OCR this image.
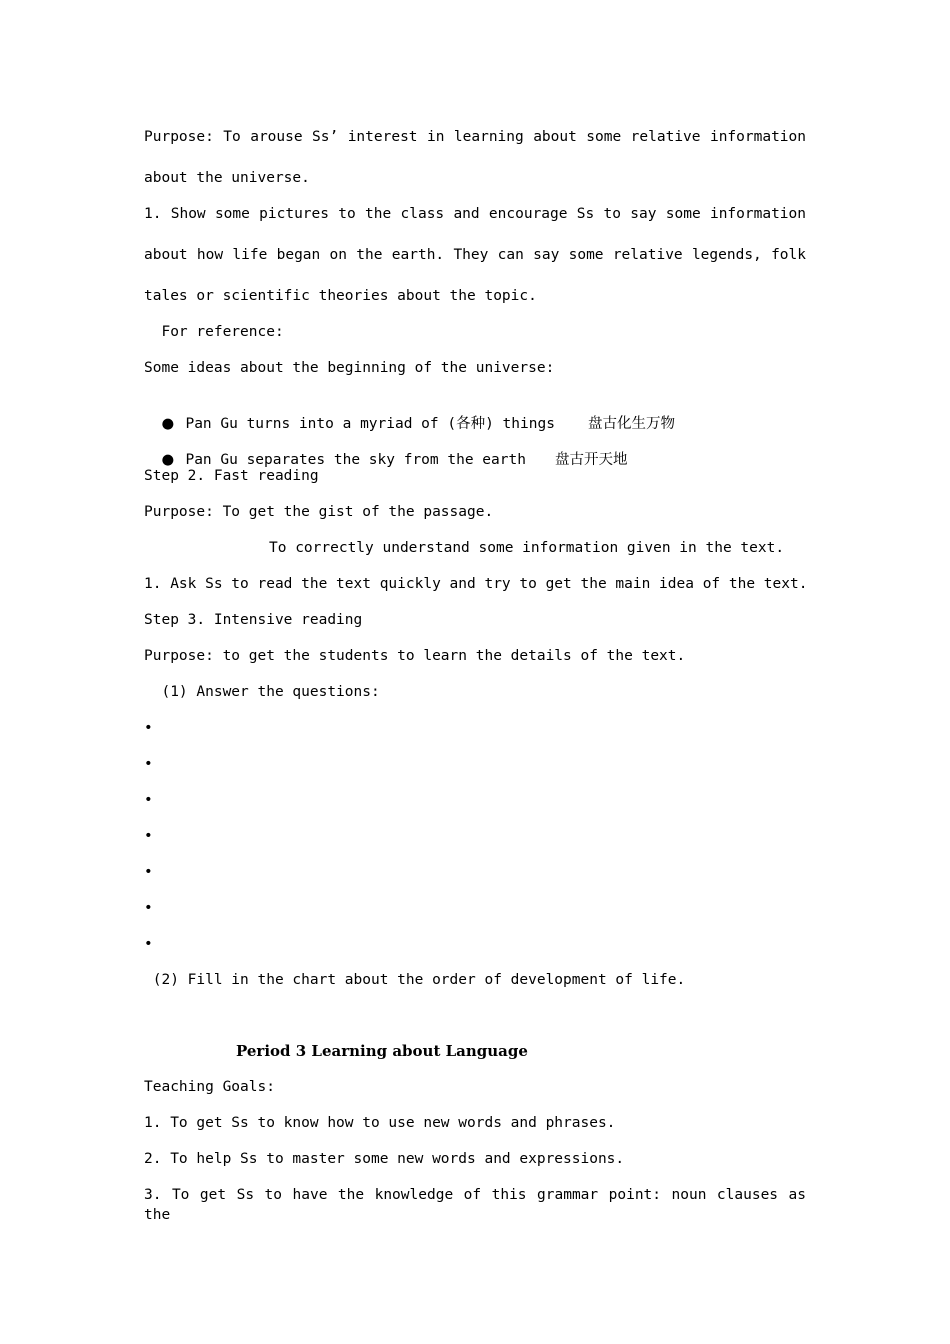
Purpose: To arouse Ss’ interest in learning about some relative information
about the universe.
1. Show some pictures to the class and encourage Ss to say some information
about how life began on the earth. They can say some relative legends, folk
tales or scientific theories about the topic.
For reference:
Some ideas about the beginning of the universe:

● Pan Gu turns into a myriad of (各种) things 盘古化生万物

● Pan Gu separates the sky from the earth 盘古开天地

Step 2. Fast reading
Purpose: To get the gist of the passage.
To correctly understand some information given in the text.
1. Ask Ss to read the text quickly and try to get the main idea of the text.
Step 3. Intensive reading
Purpose: to get the students to learn the details of the text.
(1) Answer the questions:
•
•
•
•
•
•
•
(2) Fill in the chart about the order of development of life.
Period 3 Learning about Language
Teaching Goals:
1. To get Ss to know how to use new words and phrases.
2. To help Ss to master some new words and expressions.
3. To get Ss to have the knowledge of this grammar point: noun clauses as the
